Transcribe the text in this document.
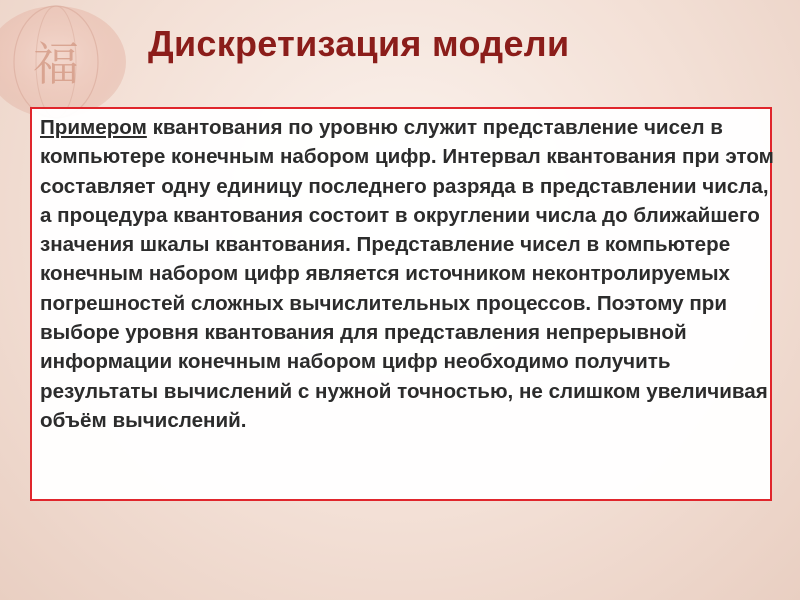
福 Дискретизация модели
Примером квантования по уровню служит представление чисел в компьютере конечным набором цифр. Интервал квантования при этом составляет одну единицу последнего разряда в представлении числа, а процедура квантования состоит в округлении числа до ближайшего значения шкалы квантования. Представление чисел в компьютере конечным набором цифр является источником неконтролируемых погрешностей сложных вычислительных процессов. Поэтому при выборе уровня квантования для представления непрерывной информации конечным набором цифр необходимо получить результаты вычислений с нужной точностью, не слишком увеличивая объём вычислений.
